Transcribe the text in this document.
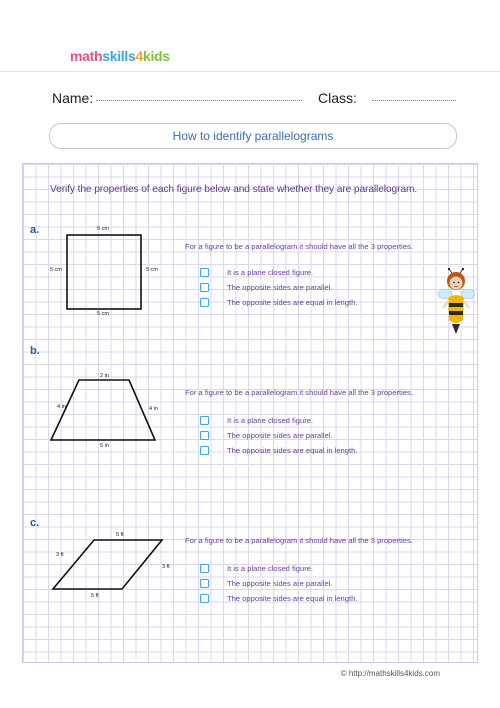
mathskills4kids
Name:	Class:
How to identify parallelograms
Verify the properties of each figure below and state whether they are parallelogram.
a.	5 cm
5 cm	5 cm
5 cm
For a figure to be a parallelogram it should have all the 3 properties.
It is a plane closed figure.
The opposite sides are parallel.
The opposite sides are equal in length.
b.
2 in
4 in	4 in
5 in
For a figure to be a parallelogram it should have all the 3 properties.
It is a plane closed figure.
The opposite sides are parallel.
The opposite sides are equal in length.
c.
5 ft
3 ft
3 ft
5 ft
For a figure to be a parallelogram it should have all the 3 properties.
It is a plane closed figure.
The opposite sides are parallel.
The opposite sides are equal in length.
© http://mathskills4kids.com
